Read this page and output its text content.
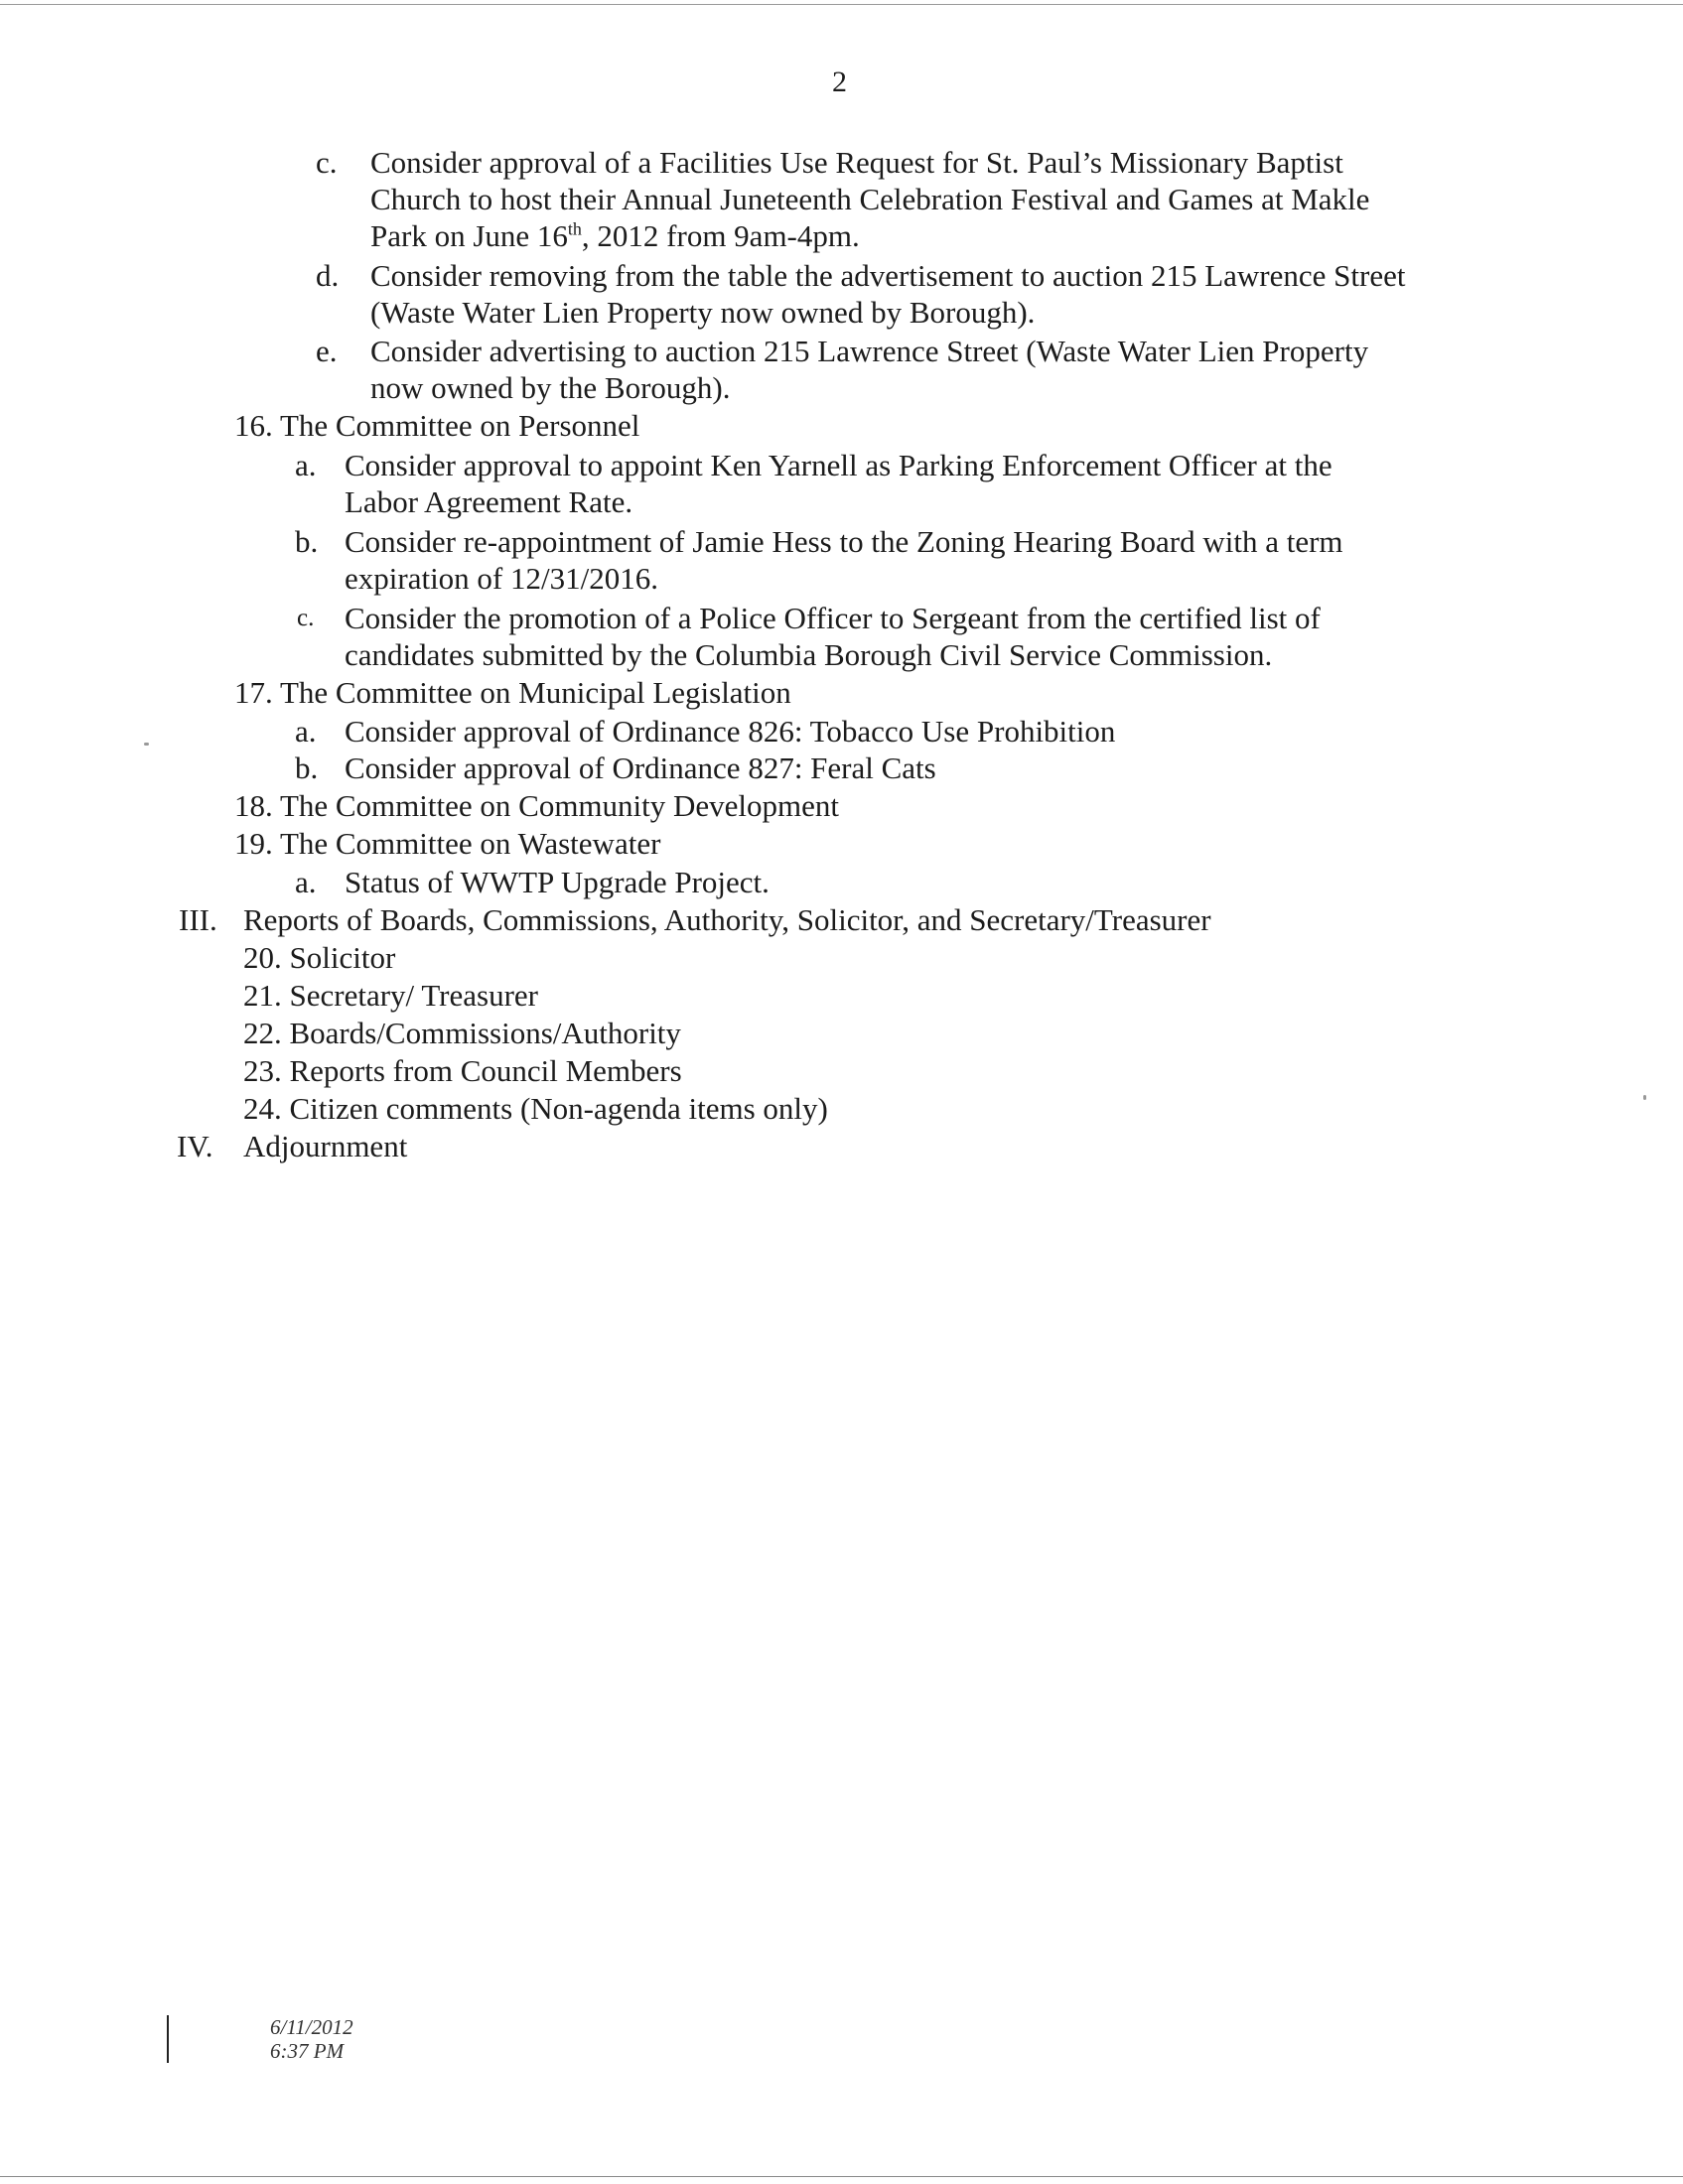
2
c. Consider approval of a Facilities Use Request for St. Paul’s Missionary Baptist
Church to host their Annual Juneteenth Celebration Festival and Games at Makle
Park on June 16th, 2012 from 9am-4pm.
d. Consider removing from the table the advertisement to auction 215 Lawrence Street
(Waste Water Lien Property now owned by Borough).
e. Consider advertising to auction 215 Lawrence Street (Waste Water Lien Property
now owned by the Borough).
16. The Committee on Personnel
a. Consider approval to appoint Ken Yarnell as Parking Enforcement Officer at the
Labor Agreement Rate.
b. Consider re-appointment of Jamie Hess to the Zoning Hearing Board with a term
expiration of 12/31/2016.
c. Consider the promotion of a Police Officer to Sergeant from the certified list of
candidates submitted by the Columbia Borough Civil Service Commission.
17. The Committee on Municipal Legislation
a. Consider approval of Ordinance 826: Tobacco Use Prohibition
b. Consider approval of Ordinance 827: Feral Cats
18. The Committee on Community Development
19. The Committee on Wastewater
a. Status of WWTP Upgrade Project.
III. Reports of Boards, Commissions, Authority, Solicitor, and Secretary/Treasurer
20. Solicitor
21. Secretary/ Treasurer
22. Boards/Commissions/Authority
23. Reports from Council Members
24. Citizen comments (Non-agenda items only)
IV. Adjournment
6/11/2012
6:37 PM
